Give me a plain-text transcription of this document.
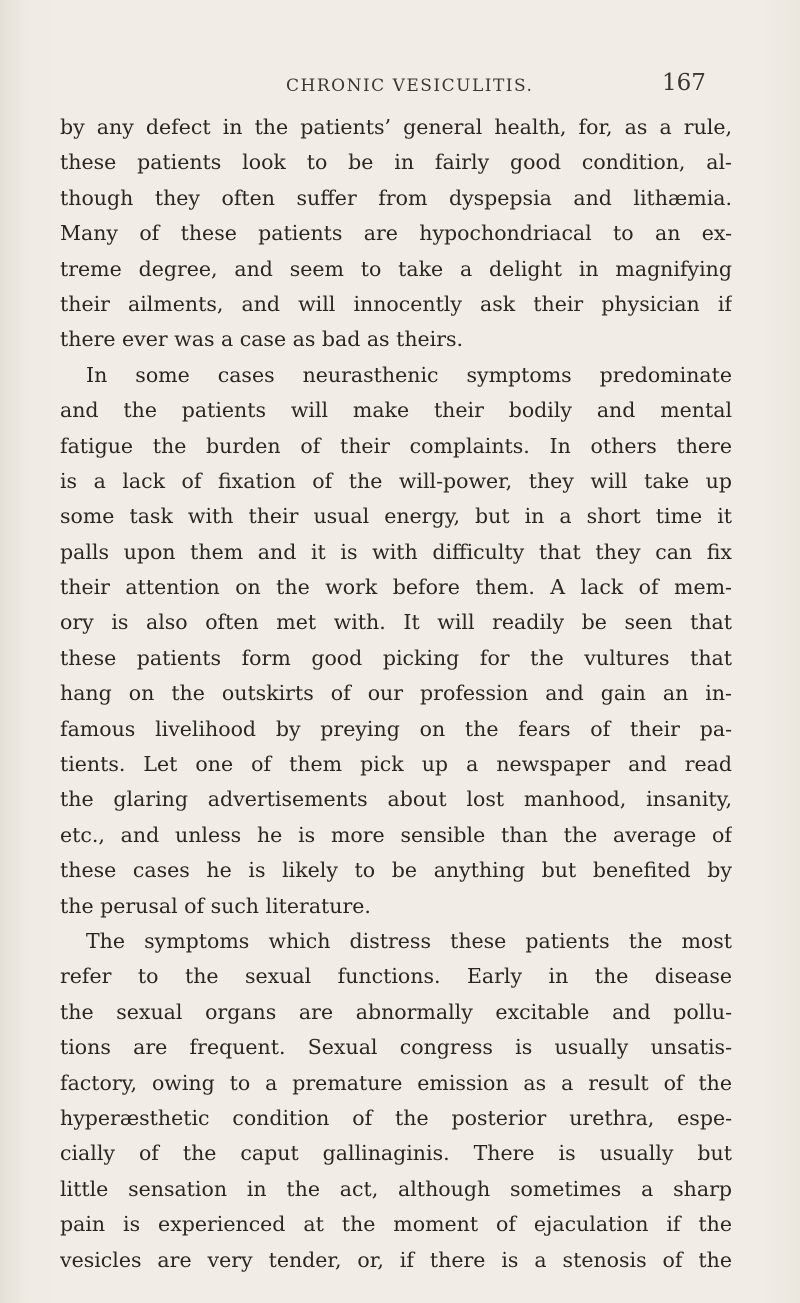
CHRONIC VESICULITIS.	167
by any defect in the patients’ general health, for, as a rule,
these patients look to be in fairly good condition, al-
though they often suffer from dyspepsia and lithæmia.
Many of these patients are hypochondriacal to an ex-
treme degree, and seem to take a delight in magnifying
their ailments, and will innocently ask their physician if
there ever was a case as bad as theirs.
In some cases neurasthenic symptoms predominate
and the patients will make their bodily and mental
fatigue the burden of their complaints. In others there
is a lack of fixation of the will-power, they will take up
some task with their usual energy, but in a short time it
palls upon them and it is with difficulty that they can fix
their attention on the work before them. A lack of mem-
ory is also often met with. It will readily be seen that
these patients form good picking for the vultures that
hang on the outskirts of our profession and gain an in-
famous livelihood by preying on the fears of their pa-
tients. Let one of them pick up a newspaper and read
the glaring advertisements about lost manhood, insanity,
etc., and unless he is more sensible than the average of
these cases he is likely to be anything but benefited by
the perusal of such literature.
The symptoms which distress these patients the most
refer to the sexual functions. Early in the disease
the sexual organs are abnormally excitable and pollu-
tions are frequent. Sexual congress is usually unsatis-
factory, owing to a premature emission as a result of the
hyperæsthetic condition of the posterior urethra, espe-
cially of the caput gallinaginis. There is usually but
little sensation in the act, although sometimes a sharp
pain is experienced at the moment of ejaculation if the
vesicles are very tender, or, if there is a stenosis of the
